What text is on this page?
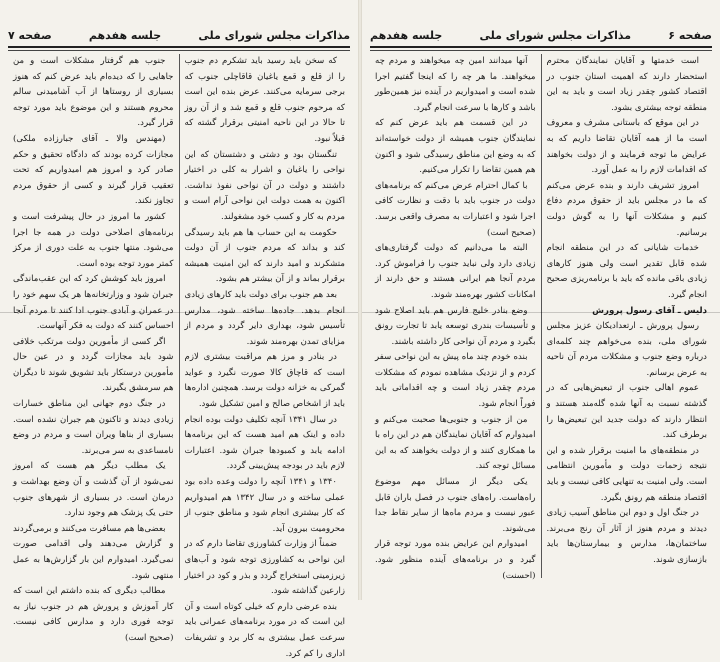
مذاکرات مجلس شورای ملی
جلسه هفدهم
صفحه ۷

که سخن باید رسید باید تشکرم دم جنوب را از قلع و قمع یاغیان قاقاچلی جنوب که برجی سرمایه می‌کنند. عرض بنده این است که مرحوم جنوب قلع و قمع شد و از آن روز تا حالا در این ناحیه امنیتی برقرار گشته که قبلاً نبود.

تنگستان بود و دشتی و دشتستان که این نواحی را یاغیان و اشرار به کلی در اختیار داشتند و دولت در آن نواحی نفوذ نداشت. اکنون به همت دولت این نواحی آرام است و مردم به کار و کسب خود مشغولند.

حکومت به این حساب ها هم باید رسیدگی کند و بداند که مردم جنوب از آن دولت متشکرند و امید دارند که این امنیت همیشه برقرار بماند و از آن بیشتر هم بشود.

بعد هم جنوب برای دولت باید کارهای زیادی انجام بدهد. جاده‌ها ساخته شود، مدارس تأسیس شود، بهداری دایر گردد و مردم از مزایای تمدن بهره‌مند شوند.

در بنادر و مرز هم مراقبت بیشتری لازم است که قاچاق کالا صورت نگیرد و عواید گمرکی به خزانه دولت برسد. همچنین اداره‌ها باید از اشخاص صالح و امین تشکیل شود.

در سال ۱۳۴۱ آنچه تکلیف دولت بوده انجام داده و اینک هم امید هست که این برنامه‌ها ادامه یابد و کمبودها جبران شود. اعتبارات لازم باید در بودجه پیش‌بینی گردد.

۱۳۴۰ و ۱۳۴۱ آنچه را دولت وعده داده بود عملی ساخته و در سال ۱۳۴۲ هم امیدواریم که کار بیشتری انجام شود و مناطق جنوب از محرومیت بیرون آید.

ضمناً از وزارت کشاورزی تقاضا دارم که در این نواحی به کشاورزی توجه شود و آب‌های زیرزمینی استخراج گردد و بذر و کود در اختیار زارعین گذاشته شود.

بنده عرضی دارم که خیلی کوتاه است و آن این است که در مورد برنامه‌های عمرانی باید سرعت عمل بیشتری به کار برد و تشریفات اداری را کم کرد.

جنوب هم گرفتار مشکلات است و من جاهایی را که دیده‌ام باید عرض کنم که هنوز بسیاری از روستاها از آب آشامیدنی سالم محروم هستند و این موضوع باید مورد توجه قرار گیرد.

(مهندس والا ـ آقای جبارزاده ملکی) مجازات کرده بودند که دادگاه تحقیق و حکم صادر کرد و امروز هم امیدواریم که تحت تعقیب قرار گیرند و کسی از حقوق مردم تجاوز نکند.

کشور ما امروز در حال پیشرفت است و برنامه‌های اصلاحی دولت در همه جا اجرا می‌شود. منتها جنوب به علت دوری از مرکز کمتر مورد توجه بوده است.

امروز باید کوشش کرد که این عقب‌ماندگی جبران شود و وزارتخانه‌ها هر یک سهم خود را در عمران و آبادی جنوب ادا کنند تا مردم آنجا احساس کنند که دولت به فکر آنهاست.

اگر کسی از مأمورین دولت مرتکب خلافی شود باید مجازات گردد و در عین حال مأمورین درستکار باید تشویق شوند تا دیگران هم سرمشق بگیرند.

در جنگ دوم جهانی این مناطق خسارات زیادی دیدند و تاکنون هم جبران نشده است. بسیاری از بناها ویران است و مردم در وضع نامساعدی به سر می‌برند.

یک مطلب دیگر هم هست که امروز نمی‌شود از آن گذشت و آن وضع بهداشت و درمان است. در بسیاری از شهرهای جنوب حتی یک پزشک هم وجود ندارد.

بعضی‌ها هم مسافرت می‌کنند و برمی‌گردند و گزارش می‌دهند ولی اقدامی صورت نمی‌گیرد. امیدوارم این بار گزارش‌ها به عمل منتهی شود.

مطالب دیگری که بنده داشتم این است که کار آموزش و پرورش هم در جنوب نیاز به توجه فوری دارد و مدارس کافی نیست. (صحیح است)

صفحه ۶
مذاکرات مجلس شورای ملی
جلسه هفدهم

است خدمتها و آقایان نمایندگان محترم استحضار دارند که اهمیت استان جنوب در اقتصاد کشور چقدر زیاد است و باید به این منطقه توجه بیشتری بشود.

در این موقع که باستانی مشرف و معروف است ما از همه آقایان تقاضا داریم که به عرایض ما توجه فرمایند و از دولت بخواهند که اقدامات لازم را به عمل آورد.

امروز تشریف دارند و بنده عرض می‌کنم که ما در مجلس باید از حقوق مردم دفاع کنیم و مشکلات آنها را به گوش دولت برسانیم.

خدمات شایانی که در این منطقه انجام شده قابل تقدیر است ولی هنوز کارهای زیادی باقی مانده که باید با برنامه‌ریزی صحیح انجام گیرد.

دلیس ـ آقای رسول پرورش

رسول پرورش ـ ارتعدادیکان عزیز مجلس شورای ملی، بنده می‌خواهم چند کلمه‌ای درباره وضع جنوب و مشکلات مردم آن ناحیه به عرض برسانم.

عموم اهالی جنوب از تبعیض‌هایی که در گذشته نسبت به آنها شده گله‌مند هستند و انتظار دارند که دولت جدید این تبعیض‌ها را برطرف کند.

در منطقه‌های ما امنیت برقرار شده و این نتیجه زحمات دولت و مأمورین انتظامی است. ولی امنیت به تنهایی کافی نیست و باید اقتصاد منطقه هم رونق بگیرد.

در جنگ اول و دوم این مناطق آسیب زیادی دیدند و مردم هنوز از آثار آن رنج می‌برند. ساختمان‌ها، مدارس و بیمارستان‌ها باید بازسازی شوند.

آنها میدانند امین چه میخواهند و مردم چه میخواهند. ما هر چه را که اینجا گفتیم اجرا شده است و امیدواریم در آینده نیز همین‌طور باشد و کارها با سرعت انجام گیرد.

در این قسمت هم باید عرض کنم که نمایندگان جنوب همیشه از دولت خواسته‌اند که به وضع این مناطق رسیدگی شود و اکنون هم همین تقاضا را تکرار می‌کنیم.

با کمال احترام عرض می‌کنم که برنامه‌های دولت در جنوب باید با دقت و نظارت کافی اجرا شود و اعتبارات به مصرف واقعی برسد. (صحیح است)

البته ما می‌دانیم که دولت گرفتاری‌های زیادی دارد ولی نباید جنوب را فراموش کرد. مردم آنجا هم ایرانی هستند و حق دارند از امکانات کشور بهره‌مند شوند.

وضع بنادر خلیج فارس هم باید اصلاح شود و تأسیسات بندری توسعه یابد تا تجارت رونق بگیرد و مردم آن نواحی کار داشته باشند.

بنده خودم چند ماه پیش به این نواحی سفر کردم و از نزدیک مشاهده نمودم که مشکلات مردم چقدر زیاد است و چه اقداماتی باید فوراً انجام شود.

من از جنوب و جنوبی‌ها صحبت می‌کنم و امیدوارم که آقایان نمایندگان هم در این راه با ما همکاری کنند و از دولت بخواهند که به این مسائل توجه کند.

یکی دیگر از مسائل مهم موضوع راه‌هاست. راه‌های جنوب در فصل باران قابل عبور نیست و مردم ماه‌ها از سایر نقاط جدا می‌شوند.

امیدوارم این عرایض بنده مورد توجه قرار گیرد و در برنامه‌های آینده منظور شود. (احسنت)
